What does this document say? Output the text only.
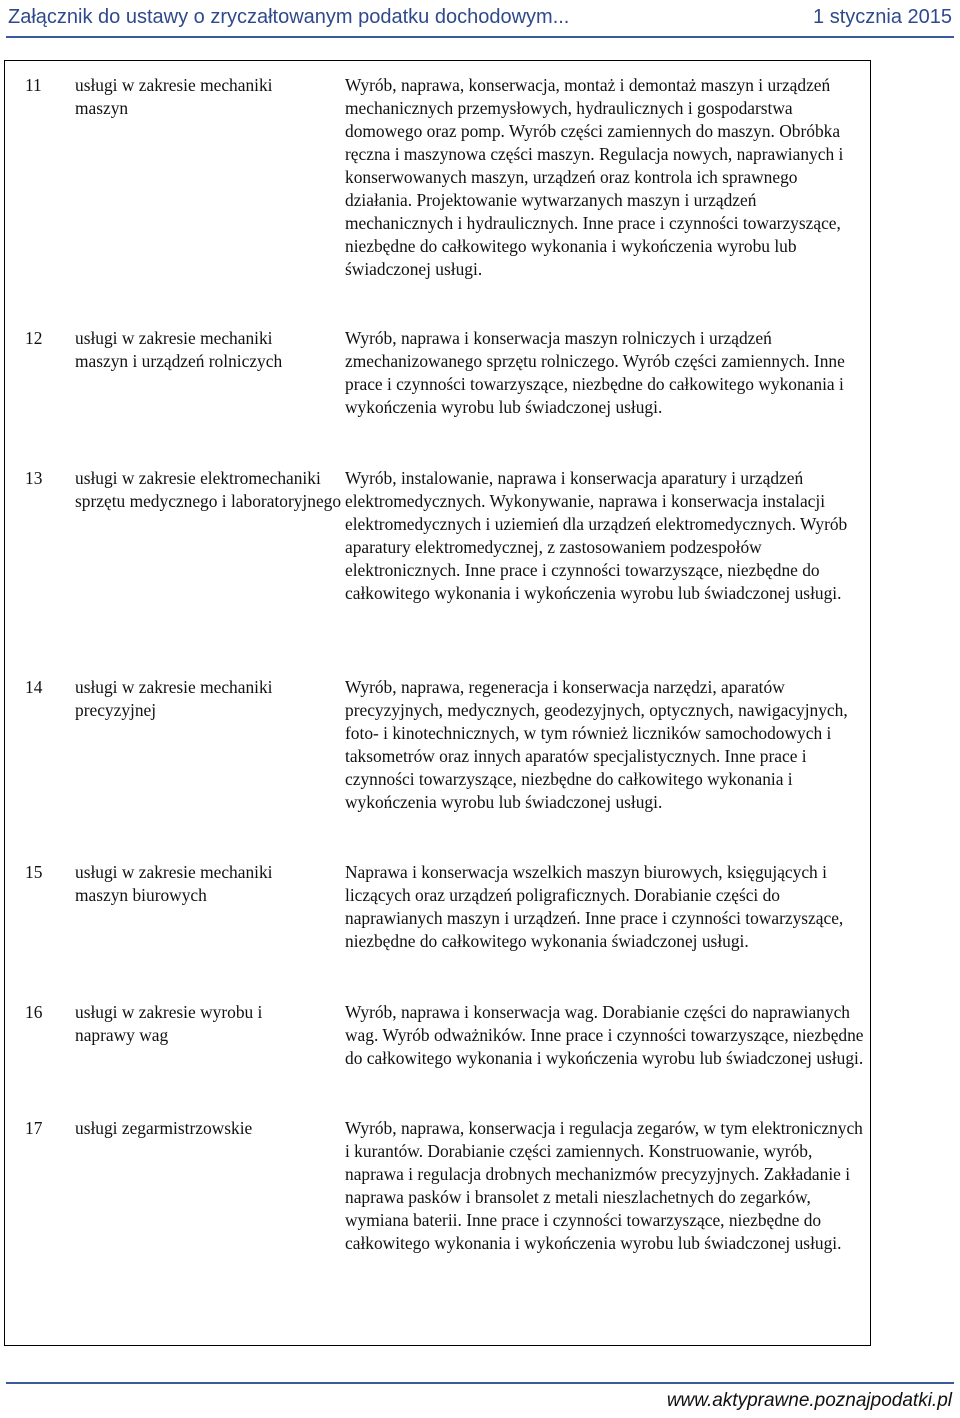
Załącznik do ustawy o zryczałtowanym podatku dochodowym...	1 stycznia 2015
11 usługi w zakresie mechaniki maszyn
Wyrób, naprawa, konserwacja, montaż i demontaż maszyn i urządzeń mechanicznych przemysłowych, hydraulicznych i gospodarstwa domowego oraz pomp. Wyrób części zamiennych do maszyn. Obróbka ręczna i maszynowa części maszyn. Regulacja nowych, naprawianych i konserwowanych maszyn, urządzeń oraz kontrola ich sprawnego działania. Projektowanie wytwarzanych maszyn i urządzeń mechanicznych i hydraulicznych. Inne prace i czynności towarzyszące, niezbędne do całkowitego wykonania i wykończenia wyrobu lub świadczonej usługi.
12 usługi w zakresie mechaniki maszyn i urządzeń rolniczych
Wyrób, naprawa i konserwacja maszyn rolniczych i urządzeń zmechanizowanego sprzętu rolniczego. Wyrób części zamiennych. Inne prace i czynności towarzyszące, niezbędne do całkowitego wykonania i wykończenia wyrobu lub świadczonej usługi.
13 usługi w zakresie elektromechaniki sprzętu medycznego i laboratoryjnego
Wyrób, instalowanie, naprawa i konserwacja aparatury i urządzeń elektromedycznych. Wykonywanie, naprawa i konserwacja instalacji elektromedycznych i uziemień dla urządzeń elektromedycznych. Wyrób aparatury elektromedycznej, z zastosowaniem podzespołów elektronicznych. Inne prace i czynności towarzyszące, niezbędne do całkowitego wykonania i wykończenia wyrobu lub świadczonej usługi.
14 usługi w zakresie mechaniki precyzyjnej
Wyrób, naprawa, regeneracja i konserwacja narzędzi, aparatów precyzyjnych, medycznych, geodezyjnych, optycznych, nawigacyjnych, foto- i kinotechnicznych, w tym również liczników samochodowych i taksometrów oraz innych aparatów specjalistycznych. Inne prace i czynności towarzyszące, niezbędne do całkowitego wykonania i wykończenia wyrobu lub świadczonej usługi.
15 usługi w zakresie mechaniki maszyn biurowych
Naprawa i konserwacja wszelkich maszyn biurowych, księgujących i liczących oraz urządzeń poligraficznych. Dorabianie części do naprawianych maszyn i urządzeń. Inne prace i czynności towarzyszące, niezbędne do całkowitego wykonania świadczonej usługi.
16 usługi w zakresie wyrobu i naprawy wag
Wyrób, naprawa i konserwacja wag. Dorabianie części do naprawianych wag. Wyrób odważników. Inne prace i czynności towarzyszące, niezbędne do całkowitego wykonania i wykończenia wyrobu lub świadczonej usługi.
17 usługi zegarmistrzowskie	Wyrób, naprawa, konserwacja i regulacja zegarów, w tym elektronicznych i kurantów. Dorabianie części zamiennych. Konstruowanie, wyrób, naprawa i regulacja drobnych mechanizmów precyzyjnych. Zakładanie i naprawa pasków i bransolet z metali nieszlachetnych do zegarków, wymiana baterii. Inne prace i czynności towarzyszące, niezbędne do całkowitego wykonania i wykończenia wyrobu lub świadczonej usługi.
www.aktyprawne.poznajpodatki.pl
